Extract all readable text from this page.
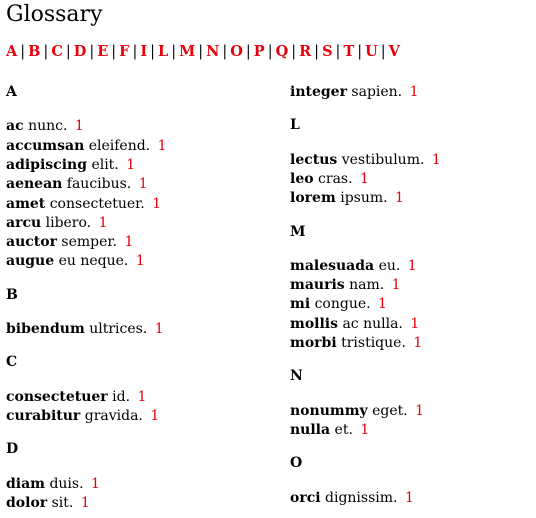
Glossary
A | B | C | D | E | F | I | L | M | N | O | P | Q | R | S | T | U | V
A
ac nunc. 1
accumsan eleifend. 1
adipiscing elit. 1
aenean faucibus. 1
amet consectetuer. 1
arcu libero. 1
auctor semper. 1
augue eu neque. 1
B
bibendum ultrices. 1
C
consectetuer id. 1
curabitur gravida. 1
D
diam duis. 1
dolor sit. 1
integer sapien. 1
L
lectus vestibulum. 1
leo cras. 1
lorem ipsum. 1
M
malesuada eu. 1
mauris nam. 1
mi congue. 1
mollis ac nulla. 1
morbi tristique. 1
N
nonummy eget. 1
nulla et. 1
O
orci dignissim. 1
